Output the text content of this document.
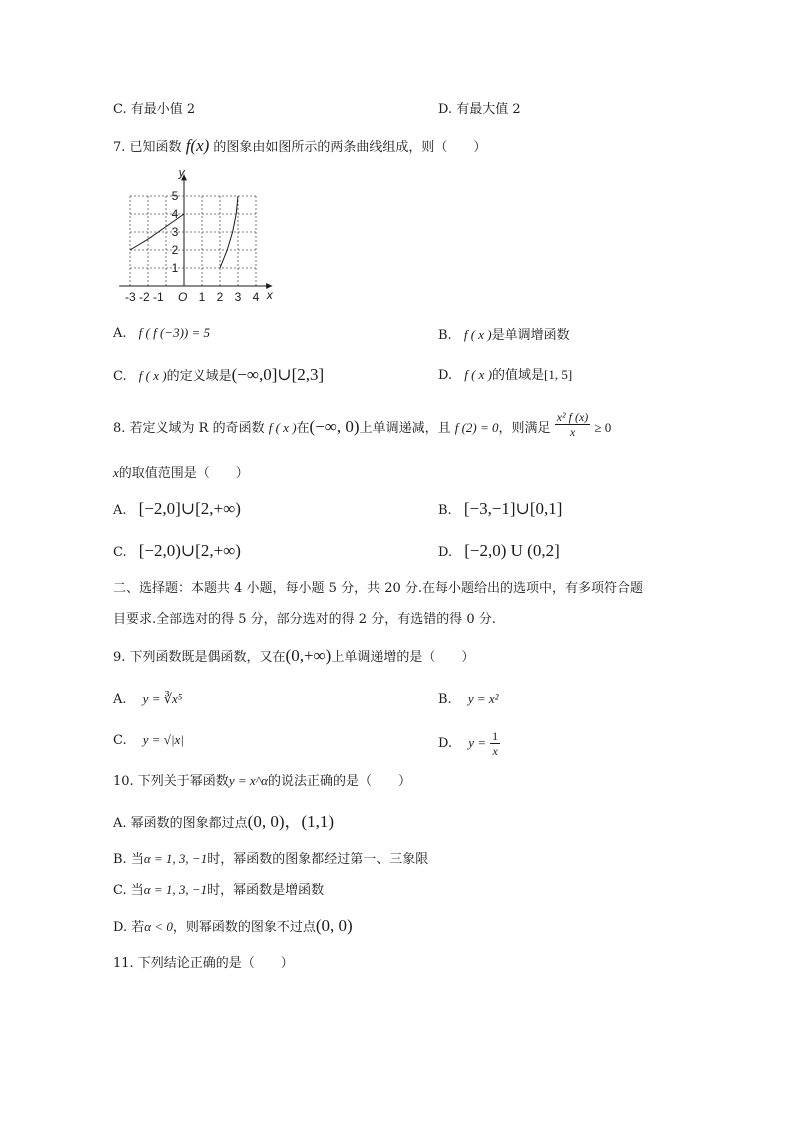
C. 有最小值 2	D. 有最大值 2
7. 已知函数 f(x) 的图象由如图所示的两条曲线组成，则（　　）
y
x
1
2
3
4
5
-3 -2 -1 O 1 2 3 4
A. f ( f (−3)) = 5	B. f ( x )是单调增函数
C. f ( x )的定义域是(−∞,0]∪[2,3]	D. f ( x )的值域是[1, 5]
8. 若定义域为 R 的奇函数 f ( x )在(−∞, 0)上单调递减，且 f (2) = 0，则满足 $\frac{\text{x² f (x)}}{x} \ge 0$
x的取值范围是（　　）
A. [−2,0]∪[2,+∞)	B. [−3,−1]∪[0,1]
C. [−2,0)∪[2,+∞)	D. [−2,0) U (0,2]
二、选择题：本题共 4 小题，每小题 5 分，共 20 分.在每小题给出的选项中，有多项符合题
目要求.全部选对的得 5 分，部分选对的得 2 分，有选错的得 0 分.
9. 下列函数既是偶函数，又在(0,+∞)上单调递增的是（　　）
A. y = ∛x⁵	B. y = x²
C. y = √|x|	D. $y = \frac{1}{x}$
10. 下列关于幂函数y = x^α的说法正确的是（　　）
A. 幂函数的图象都过点(0, 0)，(1,1)
B. 当α = 1, 3, −1时，幂函数的图象都经过第一、三象限
C. 当α = 1, 3, −1时，幂函数是增函数
D. 若α < 0，则幂函数的图象不过点(0, 0)
11. 下列结论正确的是（　　）
